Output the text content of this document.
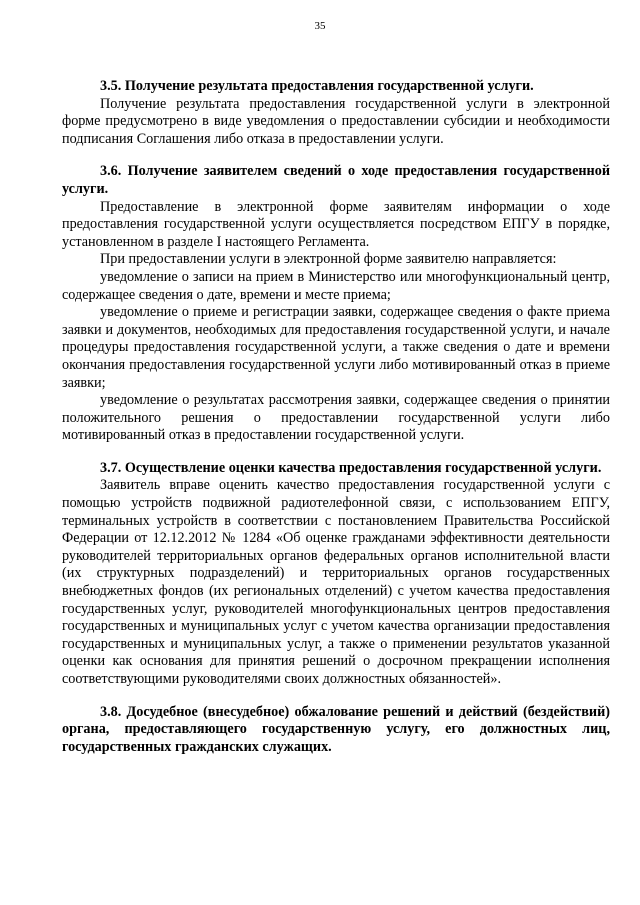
35
3.5. Получение результата предоставления государственной услуги.

Получение результата предоставления государственной услуги в электронной форме предусмотрено в виде уведомления о предоставлении субсидии и необходимости подписания Соглашения либо отказа в предоставлении услуги.

3.6. Получение заявителем сведений о ходе предоставления государственной услуги.

Предоставление в электронной форме заявителям информации о ходе предоставления государственной услуги осуществляется посредством ЕПГУ в порядке, установленном в разделе I настоящего Регламента.

При предоставлении услуги в электронной форме заявителю направляется:

уведомление о записи на прием в Министерство или многофункциональный центр, содержащее сведения о дате, времени и месте приема;

уведомление о приеме и регистрации заявки, содержащее сведения о факте приема заявки и документов, необходимых для предоставления государственной услуги, и начале процедуры предоставления государственной услуги, а также сведения о дате и времени окончания предоставления государственной услуги либо мотивированный отказ в приеме заявки;

уведомление о результатах рассмотрения заявки, содержащее сведения о принятии положительного решения о предоставлении государственной услуги либо мотивированный отказ в предоставлении государственной услуги.

3.7. Осуществление оценки качества предоставления государственной услуги.

Заявитель вправе оценить качество предоставления государственной услуги с помощью устройств подвижной радиотелефонной связи, с использованием ЕПГУ, терминальных устройств в соответствии с постановлением Правительства Российской Федерации от 12.12.2012 № 1284 «Об оценке гражданами эффективности деятельности руководителей территориальных органов федеральных органов исполнительной власти (их структурных подразделений) и территориальных органов государственных внебюджетных фондов (их региональных отделений) с учетом качества предоставления государственных услуг, руководителей многофункциональных центров предоставления государственных и муниципальных услуг с учетом качества организации предоставления государственных и муниципальных услуг, а также о применении результатов указанной оценки как основания для принятия решений о досрочном прекращении исполнения соответствующими руководителями своих должностных обязанностей».

3.8. Досудебное (внесудебное) обжалование решений и действий (бездействий) органа, предоставляющего государственную услугу, его должностных лиц, государственных гражданских служащих.
